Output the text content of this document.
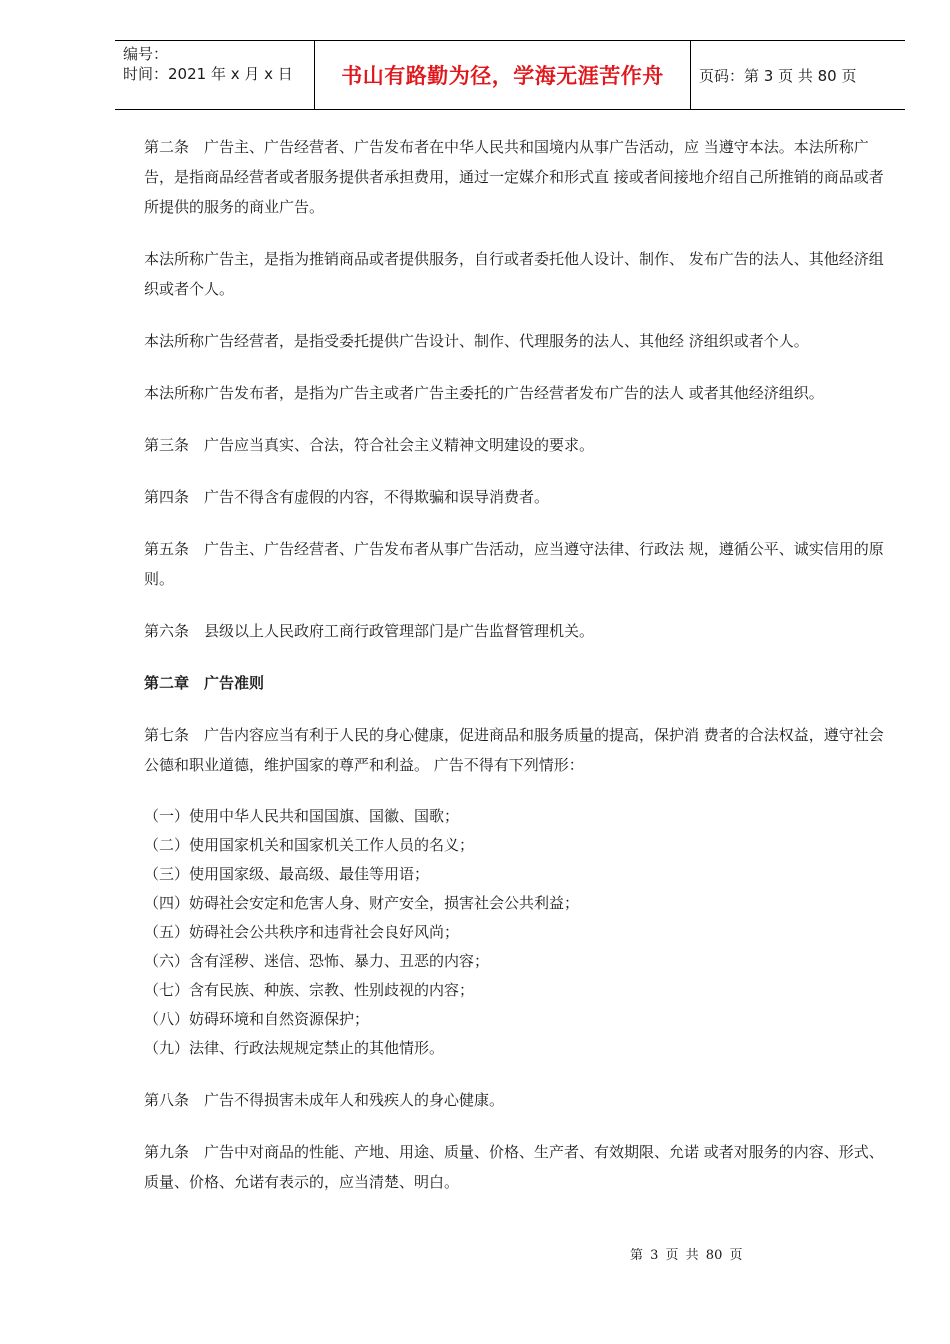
编号：
时间：2021 年 x 月 x 日	书山有路勤为径，学海无涯苦作舟 页码：第 3 页 共 80 页

第二条　广告主、广告经营者、广告发布者在中华人民共和国境内从事广告活动，应 当遵守本法。本法所称广告，是指商品经营者或者服务提供者承担费用，通过一定媒介和形式直 接或者间接地介绍自己所推销的商品或者所提供的服务的商业广告。

本法所称广告主，是指为推销商品或者提供服务，自行或者委托他人设计、制作、 发布广告的法人、其他经济组织或者个人。

本法所称广告经营者，是指受委托提供广告设计、制作、代理服务的法人、其他经 济组织或者个人。

本法所称广告发布者，是指为广告主或者广告主委托的广告经营者发布广告的法人 或者其他经济组织。

第三条　广告应当真实、合法，符合社会主义精神文明建设的要求。

第四条　广告不得含有虚假的内容，不得欺骗和误导消费者。

第五条　广告主、广告经营者、广告发布者从事广告活动，应当遵守法律、行政法 规，遵循公平、诚实信用的原则。

第六条　县级以上人民政府工商行政管理部门是广告监督管理机关。

第二章　广告准则

第七条　广告内容应当有利于人民的身心健康，促进商品和服务质量的提高，保护消 费者的合法权益，遵守社会公德和职业道德，维护国家的尊严和利益。 广告不得有下列情形：

（一）使用中华人民共和国国旗、国徽、国歌；
（二）使用国家机关和国家机关工作人员的名义；
（三）使用国家级、最高级、最佳等用语；
（四）妨碍社会安定和危害人身、财产安全，损害社会公共利益；
（五）妨碍社会公共秩序和违背社会良好风尚；
（六）含有淫秽、迷信、恐怖、暴力、丑恶的内容；
（七）含有民族、种族、宗教、性别歧视的内容；
（八）妨碍环境和自然资源保护；
（九）法律、行政法规规定禁止的其他情形。

第八条　广告不得损害未成年人和残疾人的身心健康。

第九条　广告中对商品的性能、产地、用途、质量、价格、生产者、有效期限、允诺 或者对服务的内容、形式、质量、价格、允诺有表示的，应当清楚、明白。

第 3 页 共 80 页
